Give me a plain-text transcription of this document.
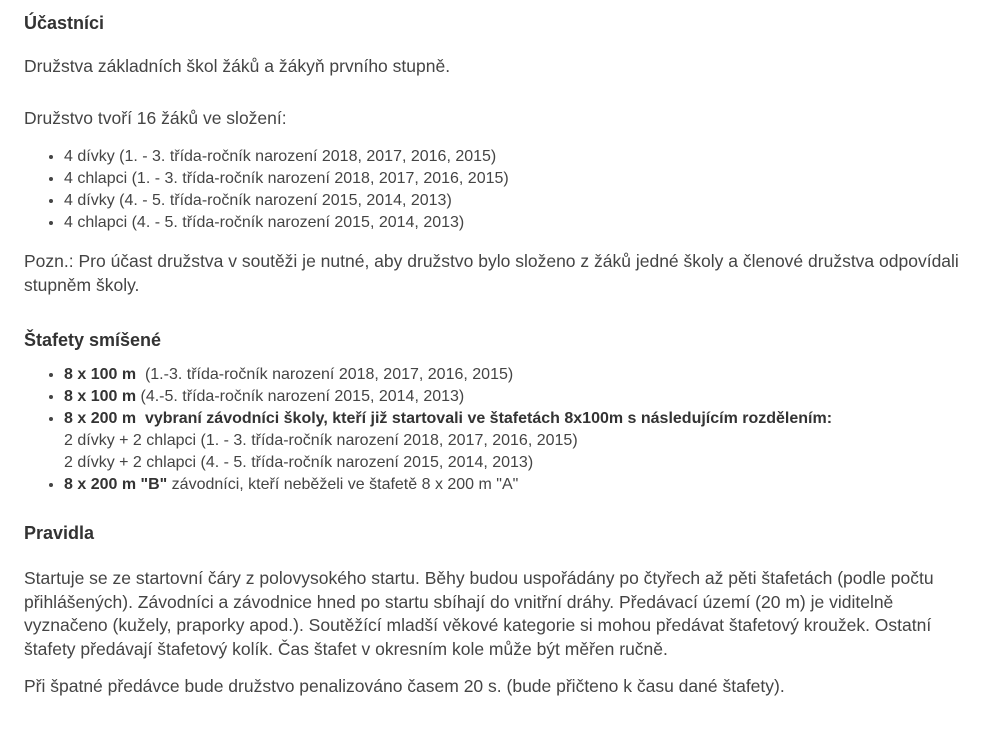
Účastníci

Družstva základních škol žáků a žákyň prvního stupně.

Družstvo tvoří 16 žáků ve složení:

• 4 dívky (1. - 3. třída-ročník narození 2018, 2017, 2016, 2015)
• 4 chlapci (1. - 3. třída-ročník narození 2018, 2017, 2016, 2015)
• 4 dívky (4. - 5. třída-ročník narození 2015, 2014, 2013)
• 4 chlapci (4. - 5. třída-ročník narození 2015, 2014, 2013)

Pozn.: Pro účast družstva v soutěži je nutné, aby družstvo bylo složeno z žáků jedné školy a členové družstva odpovídali stupněm školy.

Štafety smíšené
• 8 x 100 m  (1.-3. třída-ročník narození 2018, 2017, 2016, 2015)
• 8 x 100 m (4.-5. třída-ročník narození 2015, 2014, 2013)
• 8 x 200 m  vybraní závodníci školy, kteří již startovali ve štafetách 8x100m s následujícím rozdělením:
2 dívky + 2 chlapci (1. - 3. třída-ročník narození 2018, 2017, 2016, 2015)
2 dívky + 2 chlapci (4. - 5. třída-ročník narození 2015, 2014, 2013)
• 8 x 200 m "B" závodníci, kteří neběželi ve štafetě 8 x 200 m "A"
Pravidla

Startuje se ze startovní čáry z polovysokého startu. Běhy budou uspořádány po čtyřech až pěti štafetách (podle počtu přihlášených). Závodníci a závodnice hned po startu sbíhají do vnitřní dráhy. Předávací území (20 m) je viditelně vyznačeno (kužely, praporky apod.). Soutěžící mladší věkové kategorie si mohou předávat štafetový kroužek. Ostatní štafety předávají štafetový kolík. Čas štafet v okresním kole může být měřen ručně.

Při špatné předávce bude družstvo penalizováno časem 20 s. (bude přičteno k času dané štafety).
